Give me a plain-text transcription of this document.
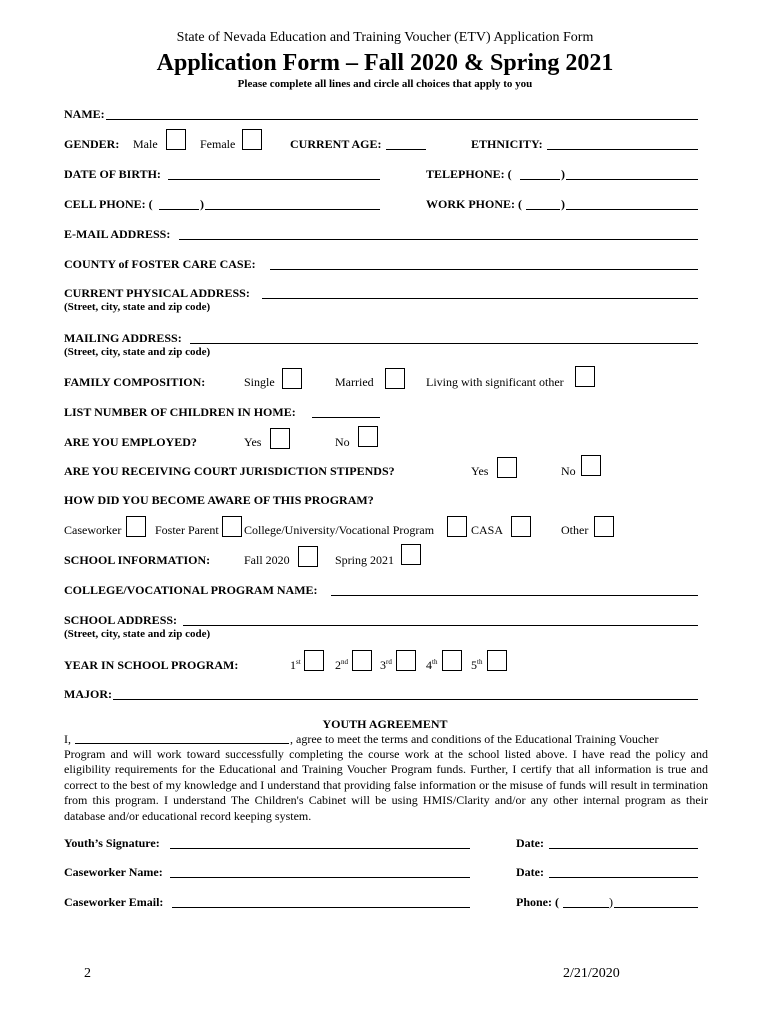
State of Nevada Education and Training Voucher (ETV) Application Form
Application Form – Fall 2020 & Spring 2021
Please complete all lines and circle all choices that apply to you
NAME:
GENDER: Male	Female	CURRENT AGE:	ETHNICITY:
DATE OF BIRTH:	TELEPHONE: (	)
CELL PHONE: (	)	WORK PHONE: (	)
E-MAIL ADDRESS:
COUNTY of FOSTER CARE CASE:
CURRENT PHYSICAL ADDRESS:
(Street, city, state and zip code)
MAILING ADDRESS:
(Street, city, state and zip code)
FAMILY COMPOSITION:	Single	Married	Living with significant other
LIST NUMBER OF CHILDREN IN HOME:
ARE YOU EMPLOYED?	Yes	No
ARE YOU RECEIVING COURT JURISDICTION STIPENDS?	Yes	No
HOW DID YOU BECOME AWARE OF THIS PROGRAM?
Caseworker	Foster Parent College/University/Vocational Program	CASA	Other
SCHOOL INFORMATION:	Fall 2020	Spring 2021
COLLEGE/VOCATIONAL PROGRAM NAME:
SCHOOL ADDRESS:
(Street, city, state and zip code)
YEAR IN SCHOOL PROGRAM:	1st	2nd	3rd	4th	5th
MAJOR:
YOUTH AGREEMENT
I,	, agree to meet the terms and conditions of the Educational Training Voucher
Program and will work toward successfully completing the course work at the school listed above. I have read the policy and eligibility requirements for the Educational and Training Voucher Program funds. Further, I certify that all information is true and correct to the best of my knowledge and I understand that providing false information or the misuse of funds will result in termination from this program. I understand The Children's Cabinet will be using HMIS/Clarity and/or any other internal program as their database and/or educational record keeping system.
Youth’s Signature:	Date:
Caseworker Name:	Date:
Caseworker Email:	Phone: (	)
2	2/21/2020
